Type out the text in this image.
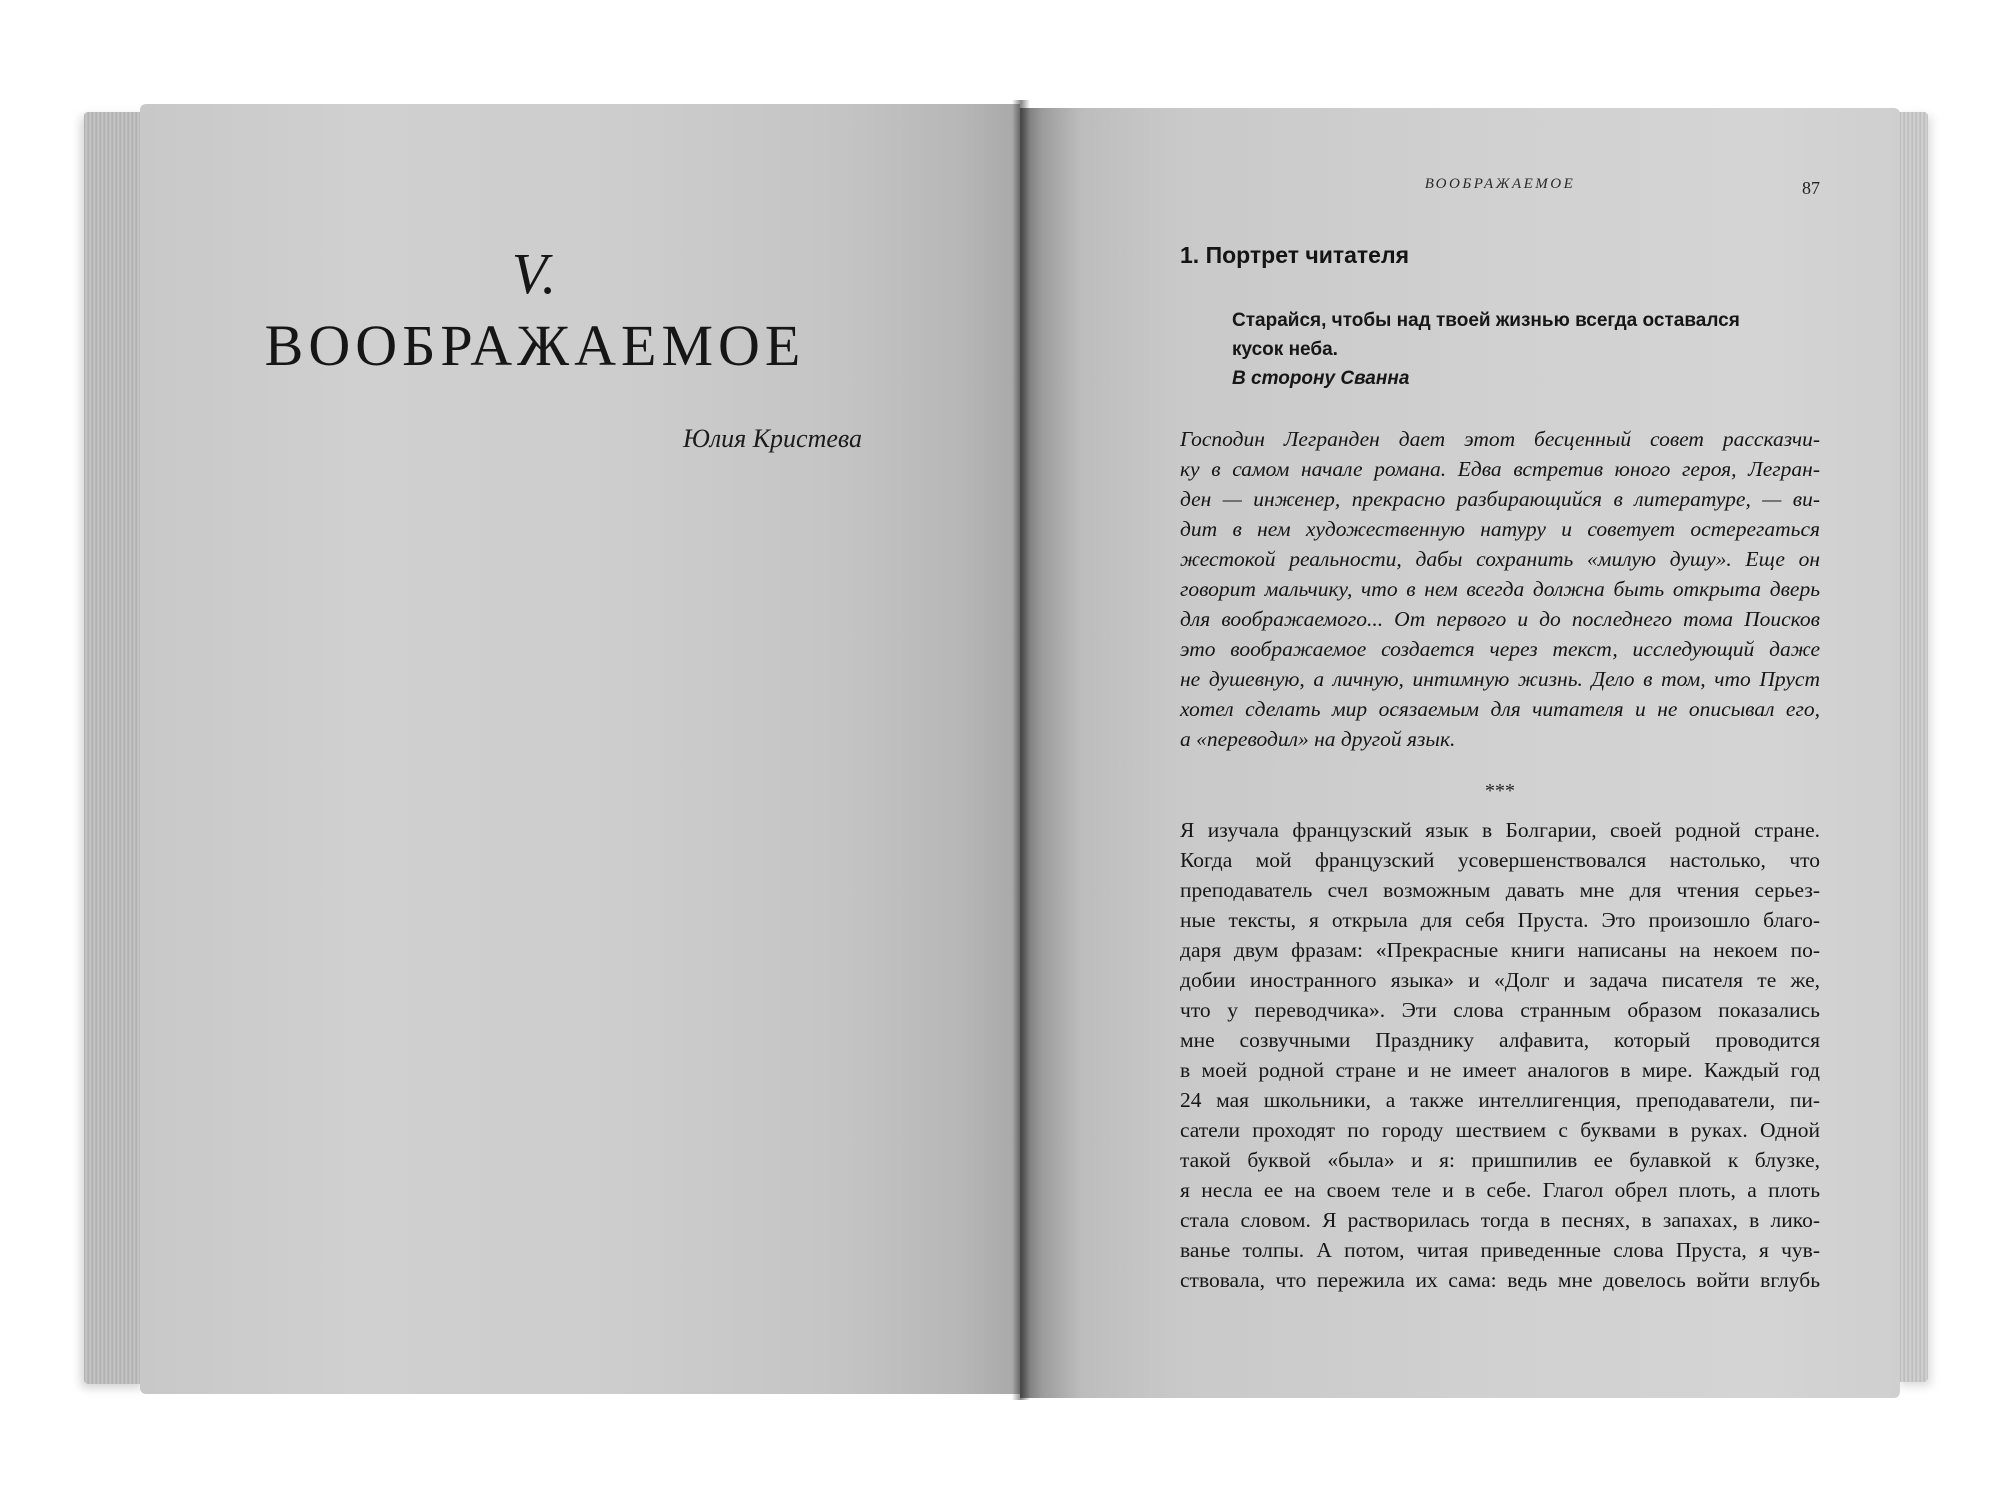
V.
ВООБРАЖАЕМОЕ
Юлия Кристева
ВООБРАЖАЕМОЕ	87
1. Портрет читателя
Старайся, чтобы над твоей жизнью всегда оставался
кусок неба.
В сторону Сванна
Господин Легранден дает этот бесценный совет рассказчи-
ку в самом начале романа. Едва встретив юного героя, Легран-
ден — инженер, прекрасно разбирающийся в литературе, — ви-
дит в нем художественную натуру и советует остерегаться
жестокой реальности, дабы сохранить «милую душу». Еще он
говорит мальчику, что в нем всегда должна быть открыта дверь
для воображаемого... От первого и до последнего тома Поисков
это воображаемое создается через текст, исследующий даже
не душевную, а личную, интимную жизнь. Дело в том, что Пруст
хотел сделать мир осязаемым для читателя и не описывал его,
а «переводил» на другой язык.
***
Я изучала французский язык в Болгарии, своей родной стране.
Когда мой французский усовершенствовался настолько, что
преподаватель счел возможным давать мне для чтения серьез-
ные тексты, я открыла для себя Пруста. Это произошло благо-
даря двум фразам: «Прекрасные книги написаны на некоем по-
добии иностранного языка» и «Долг и задача писателя те же,
что у переводчика». Эти слова странным образом показались
мне созвучными Празднику алфавита, который проводится
в моей родной стране и не имеет аналогов в мире. Каждый год
24 мая школьники, а также интеллигенция, преподаватели, пи-
сатели проходят по городу шествием с буквами в руках. Одной
такой буквой «была» и я: пришпилив ее булавкой к блузке,
я несла ее на своем теле и в себе. Глагол обрел плоть, а плоть
стала словом. Я растворилась тогда в песнях, в запахах, в лико-
ванье толпы. А потом, читая приведенные слова Пруста, я чув-
ствовала, что пережила их сама: ведь мне довелось войти вглубь
